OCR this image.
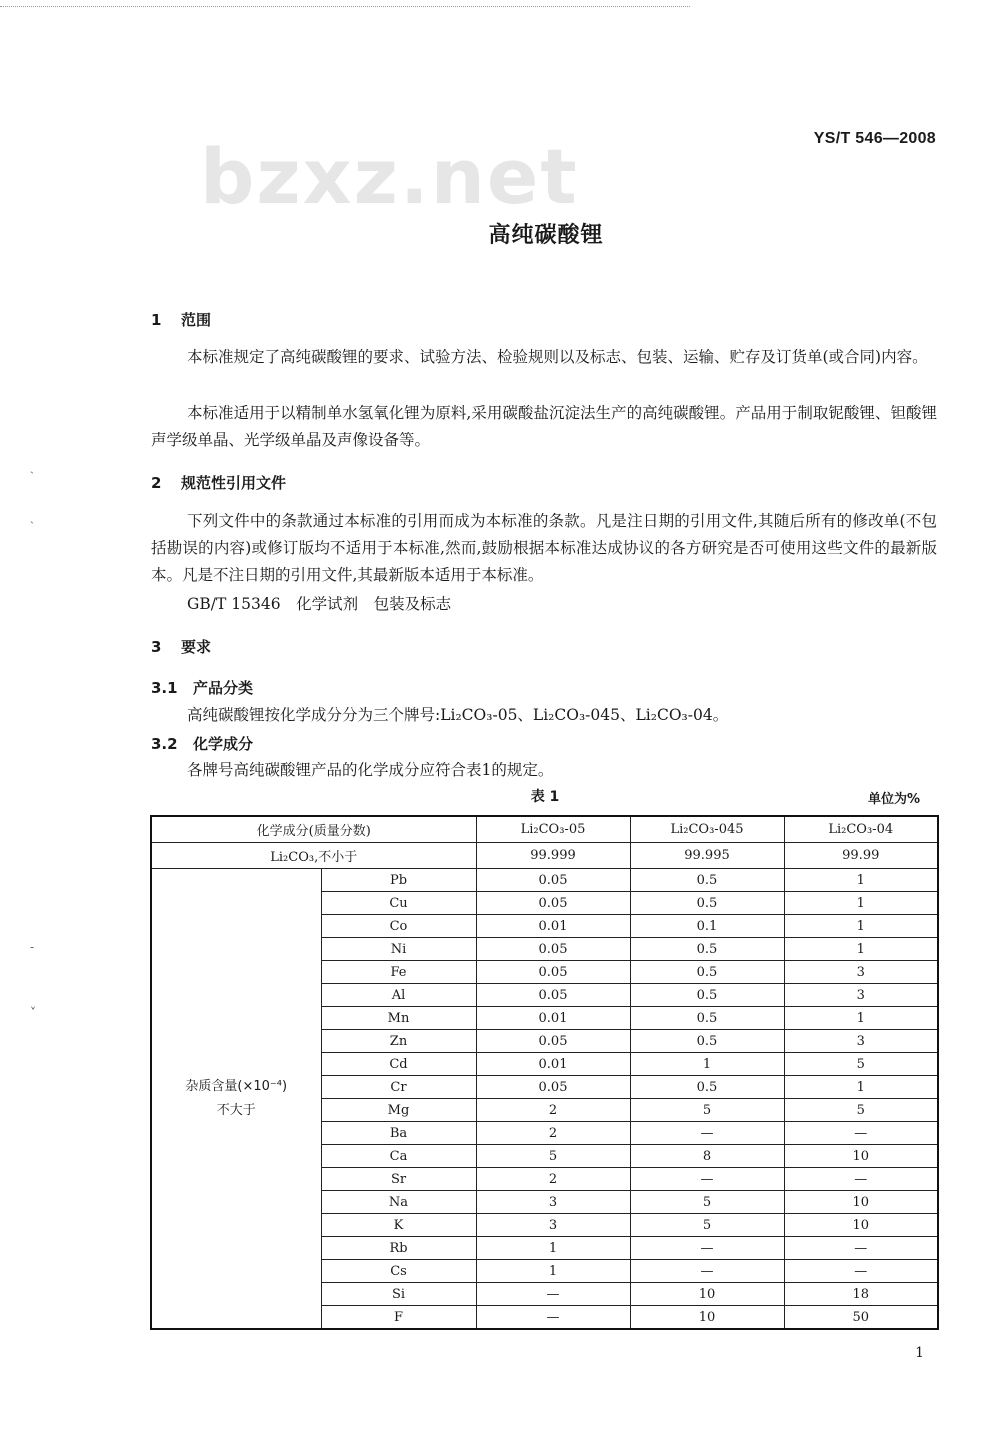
bzxz.net	YS/T 546—2008
高纯碳酸锂
1 范围
本标准规定了高纯碳酸锂的要求、试验方法、检验规则以及标志、包装、运输、贮存及订货单(或合同)内容。
本标准适用于以精制单水氢氧化锂为原料,采用碳酸盐沉淀法生产的高纯碳酸锂。产品用于制取铌酸锂、钽酸锂声学级单晶、光学级单晶及声像设备等。
2 规范性引用文件
下列文件中的条款通过本标准的引用而成为本标准的条款。凡是注日期的引用文件,其随后所有的修改单(不包括勘误的内容)或修订版均不适用于本标准,然而,鼓励根据本标准达成协议的各方研究是否可使用这些文件的最新版本。凡是不注日期的引用文件,其最新版本适用于本标准。
GB/T 15346　化学试剂　包装及标志
3 要求
3.1 产品分类
高纯碳酸锂按化学成分分为三个牌号:Li₂CO₃-05、Li₂CO₃-045、Li₂CO₃-04。
3.2 化学成分
各牌号高纯碳酸锂产品的化学成分应符合表1的规定。
表 1	单位为%
化学成分(质量分数)		Li₂CO₃-05	Li₂CO₃-045	Li₂CO₃-04
Li₂CO₃,不小于		99.999	99.995	99.99

杂质含量(×10⁻⁴)
不大于	Pb	0.05	0.5	1
	Cu	0.05	0.5	1
	Co	0.01	0.1	1
	Ni	0.05	0.5	1
	Fe	0.05	0.5	3
	Al	0.05	0.5	3
	Mn	0.01	0.5	1
	Zn	0.05	0.5	3
	Cd	0.01	1	5
	Cr	0.05	0.5	1
	Mg	2	5	5
	Ba	2	—	—
	Ca	5	8	10
	Sr	2	—	—
	Na	3	5	10
	K	3	5	10
	Rb	1	—	—
	Cs	1	—	—
	Si	—	10	18
	F	—	10	50
ˎ
ˏ
-
ˬ
1
